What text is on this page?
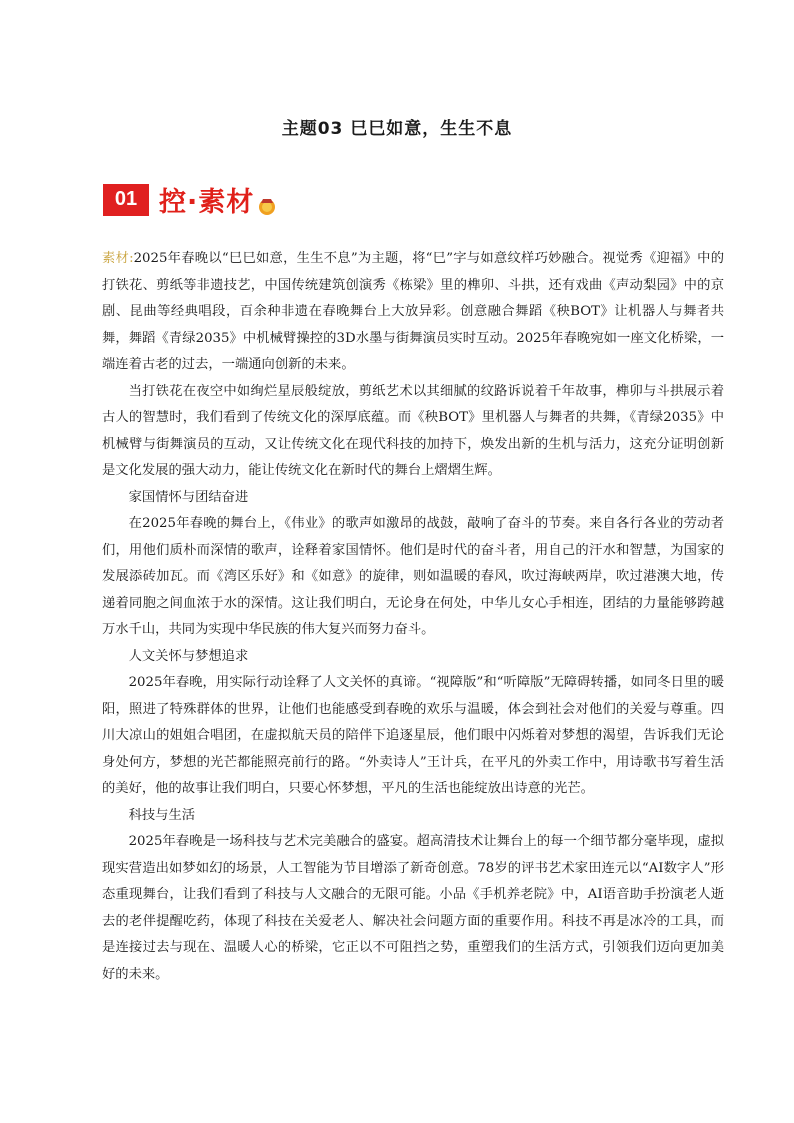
主题03 巳巳如意，生生不息
01 控·素材

素材:2025年春晚以“巳巳如意，生生不息”为主题，将“巳”字与如意纹样巧妙融合。视觉秀《迎福》中的打铁花、剪纸等非遗技艺，中国传统建筑创演秀《栋梁》里的榫卯、斗拱，还有戏曲《声动梨园》中的京剧、昆曲等经典唱段，百余种非遗在春晚舞台上大放异彩。创意融合舞蹈《秧BOT》让机器人与舞者共舞，舞蹈《青绿2035》中机械臂操控的3D水墨与街舞演员实时互动。2025年春晚宛如一座文化桥梁，一端连着古老的过去，一端通向创新的未来。

当打铁花在夜空中如绚烂星辰般绽放，剪纸艺术以其细腻的纹路诉说着千年故事，榫卯与斗拱展示着古人的智慧时，我们看到了传统文化的深厚底蕴。而《秧BOT》里机器人与舞者的共舞，《青绿2035》中机械臂与街舞演员的互动，又让传统文化在现代科技的加持下，焕发出新的生机与活力，这充分证明创新是文化发展的强大动力，能让传统文化在新时代的舞台上熠熠生辉。

家国情怀与团结奋进

在2025年春晚的舞台上，《伟业》的歌声如激昂的战鼓，敲响了奋斗的节奏。来自各行各业的劳动者们，用他们质朴而深情的歌声，诠释着家国情怀。他们是时代的奋斗者，用自己的汗水和智慧，为国家的发展添砖加瓦。而《湾区乐好》和《如意》的旋律，则如温暖的春风，吹过海峡两岸，吹过港澳大地，传递着同胞之间血浓于水的深情。这让我们明白，无论身在何处，中华儿女心手相连，团结的力量能够跨越万水千山，共同为实现中华民族的伟大复兴而努力奋斗。

人文关怀与梦想追求

2025年春晚，用实际行动诠释了人文关怀的真谛。“视障版”和“听障版”无障碍转播，如同冬日里的暖阳，照进了特殊群体的世界，让他们也能感受到春晚的欢乐与温暖，体会到社会对他们的关爱与尊重。四川大凉山的姐姐合唱团，在虚拟航天员的陪伴下追逐星辰，他们眼中闪烁着对梦想的渴望，告诉我们无论身处何方，梦想的光芒都能照亮前行的路。“外卖诗人”王计兵，在平凡的外卖工作中，用诗歌书写着生活的美好，他的故事让我们明白，只要心怀梦想，平凡的生活也能绽放出诗意的光芒。

科技与生活

2025年春晚是一场科技与艺术完美融合的盛宴。超高清技术让舞台上的每一个细节都分毫毕现，虚拟现实营造出如梦如幻的场景，人工智能为节目增添了新奇创意。78岁的评书艺术家田连元以“AI数字人”形态重现舞台，让我们看到了科技与人文融合的无限可能。小品《手机养老院》中，AI语音助手扮演老人逝去的老伴提醒吃药，体现了科技在关爱老人、解决社会问题方面的重要作用。科技不再是冰冷的工具，而是连接过去与现在、温暖人心的桥梁，它正以不可阻挡之势，重塑我们的生活方式，引领我们迈向更加美好的未来。
